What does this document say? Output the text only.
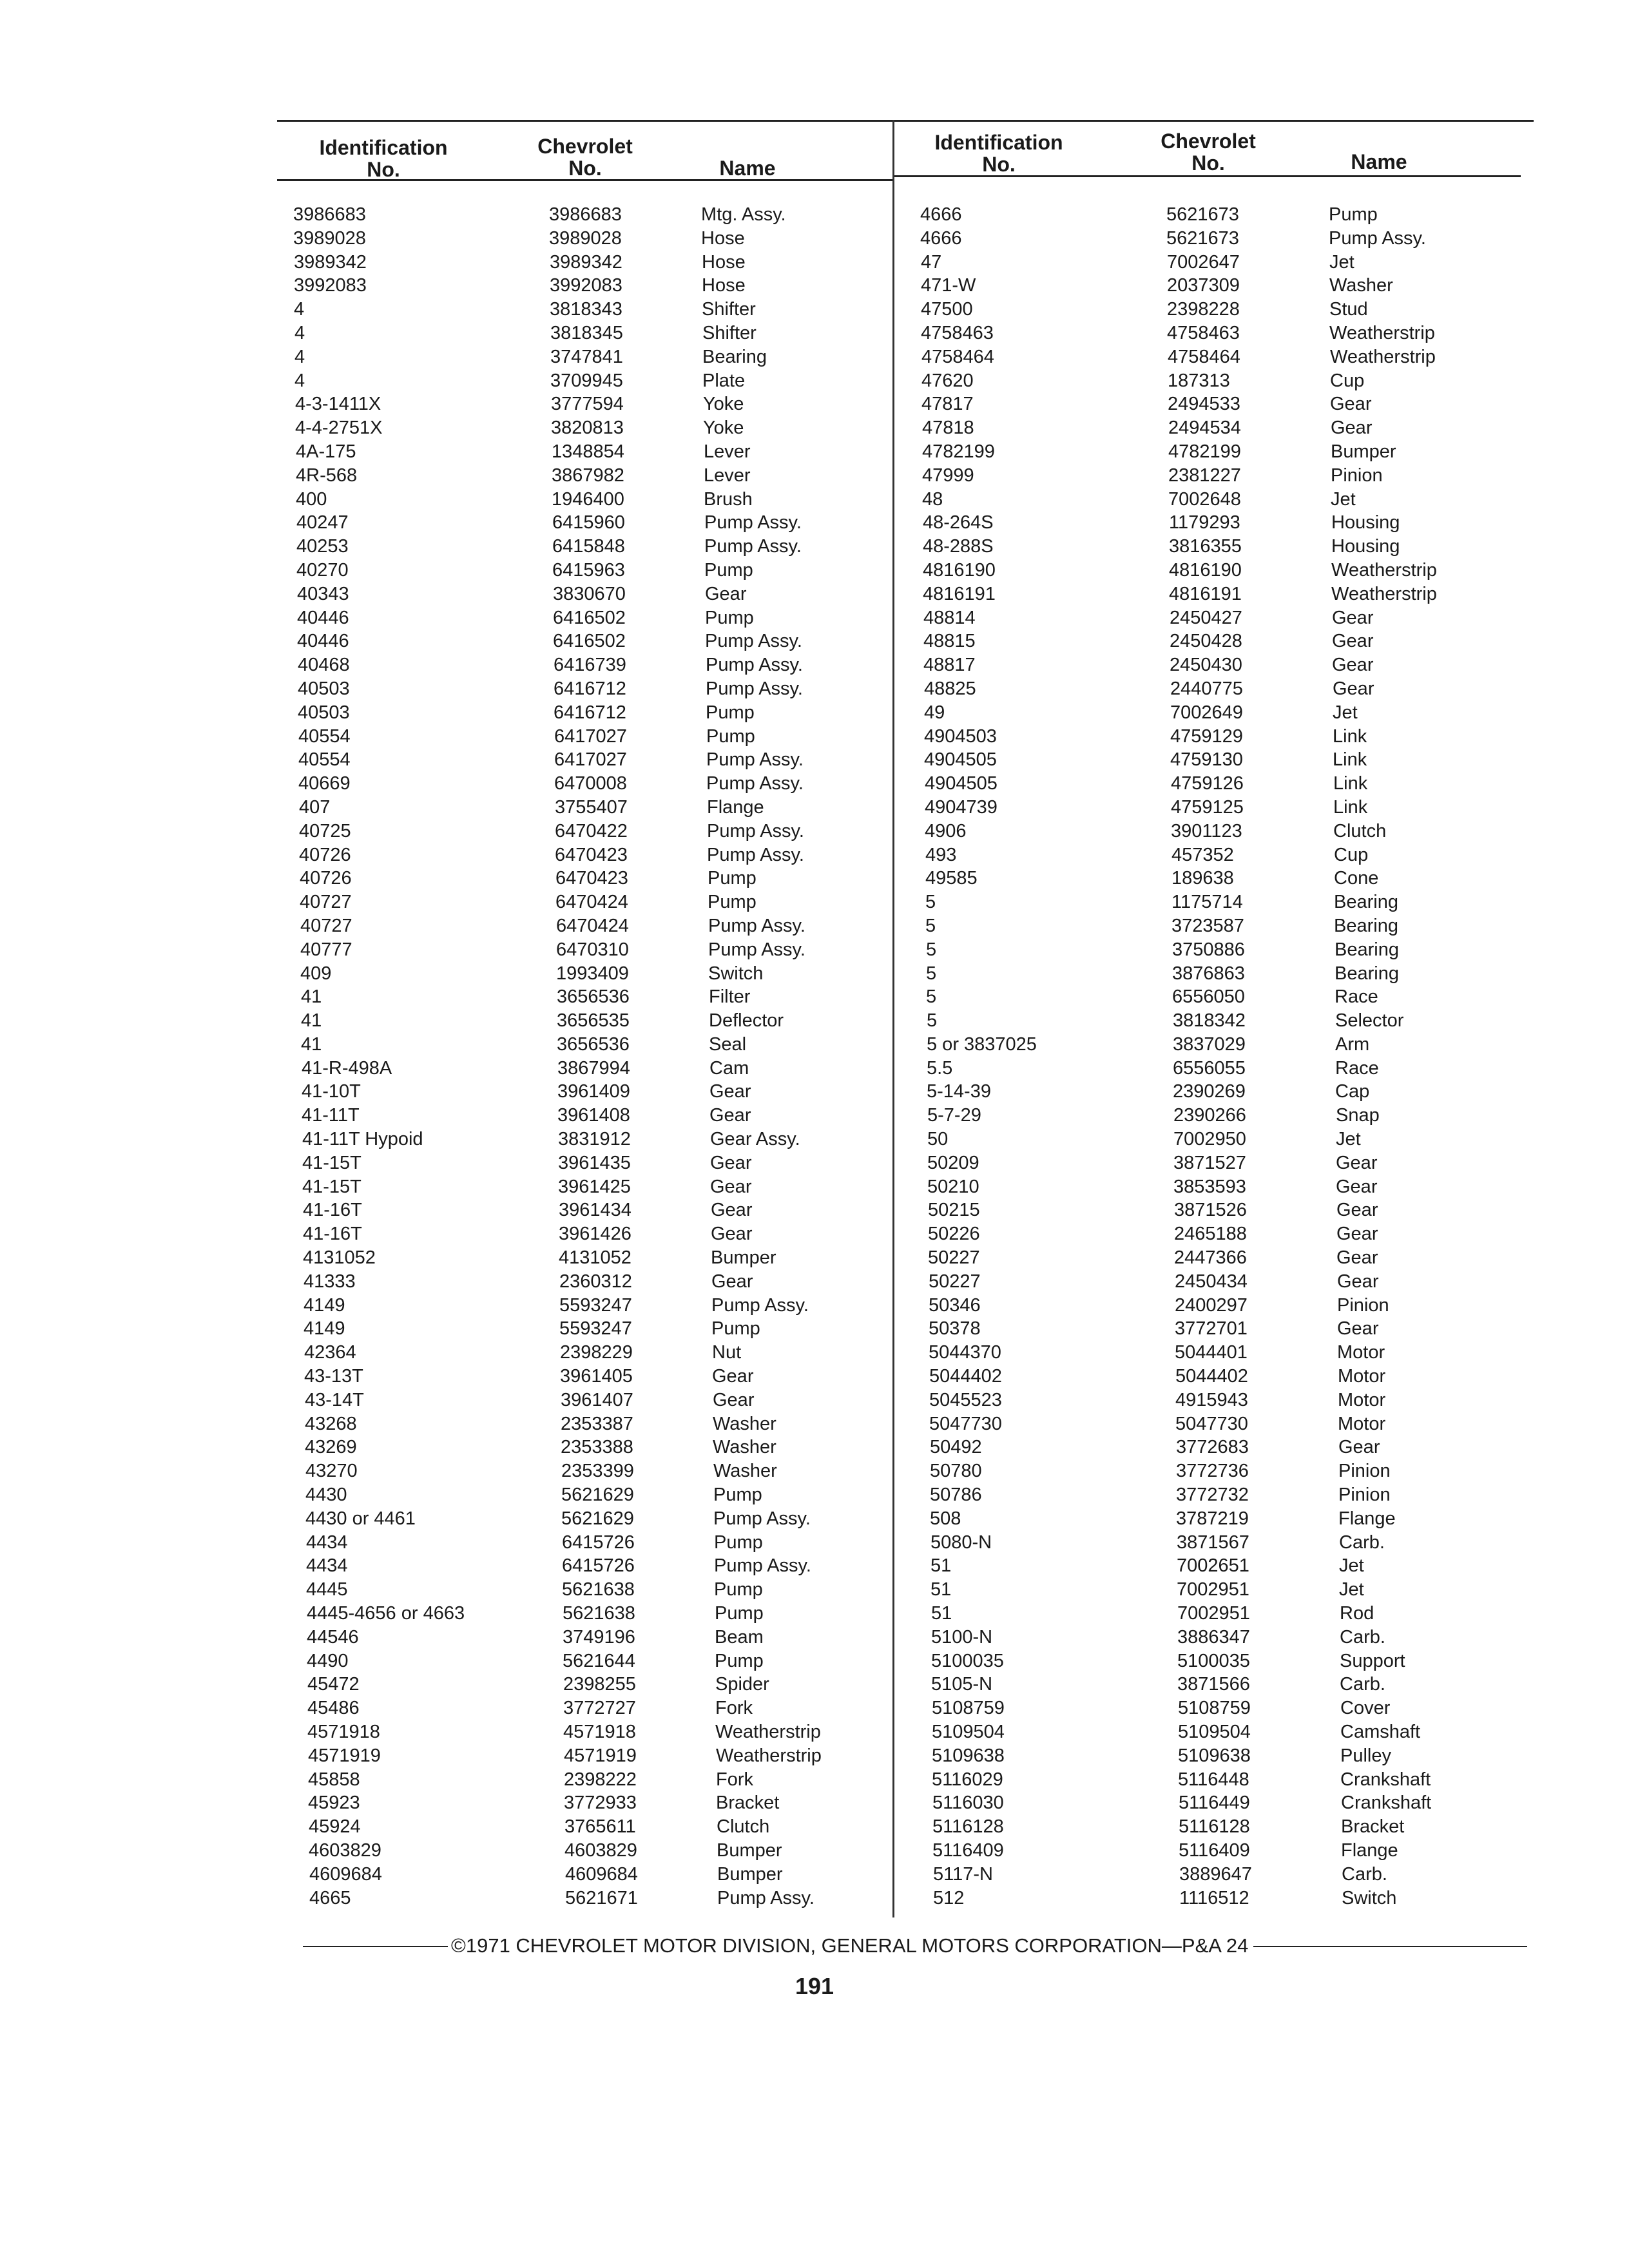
Identification
No.
Chevrolet
No.	Name
3986683	3986683	Mtg. Assy.
3989028	3989028	Hose
3989342	3989342	Hose
3992083	3992083	Hose
4	3818343	Shifter
4	3818345	Shifter
4	3747841	Bearing
4	3709945	Plate
4-3-1411X	3777594	Yoke
4-4-2751X	3820813	Yoke
4A-175	1348854	Lever
4R-568	3867982	Lever
400	1946400	Brush
40247	6415960	Pump Assy.
40253	6415848	Pump Assy.
40270	6415963	Pump
40343	3830670	Gear
40446	6416502	Pump
40446	6416502	Pump Assy.
40468	6416739	Pump Assy.
40503	6416712	Pump Assy.
40503	6416712	Pump
40554	6417027	Pump
40554	6417027	Pump Assy.
40669	6470008	Pump Assy.
407	3755407	Flange
40725	6470422	Pump Assy.
40726	6470423	Pump Assy.
40726	6470423	Pump
40727	6470424	Pump
40727	6470424	Pump Assy.
40777	6470310	Pump Assy.
409	1993409	Switch
41	3656536	Filter
41	3656535	Deflector
41	3656536	Seal
41-R-498A	3867994	Cam
41-10T	3961409	Gear
41-11T	3961408	Gear
41-11T Hypoid	3831912	Gear Assy.
41-15T	3961435	Gear
41-15T	3961425	Gear
41-16T	3961434	Gear
41-16T	3961426	Gear
4131052	4131052	Bumper
41333	2360312	Gear
4149	5593247	Pump Assy.
4149	5593247	Pump
42364	2398229	Nut
43-13T	3961405	Gear
43-14T	3961407	Gear
43268	2353387	Washer
43269	2353388	Washer
43270	2353399	Washer
4430	5621629	Pump
4430 or 4461	5621629	Pump Assy.
4434	6415726	Pump
4434	6415726	Pump Assy.
4445	5621638	Pump
4445-4656 or 4663	5621638	Pump
44546	3749196	Beam
4490	5621644	Pump
45472	2398255	Spider
45486	3772727	Fork
4571918	4571918	Weatherstrip
4571919	4571919	Weatherstrip
45858	2398222	Fork
45923	3772933	Bracket
45924	3765611	Clutch
4603829	4603829	Bumper
4609684	4609684	Bumper
4665	5621671	Pump Assy.
Identification
No.
Chevrolet
No.	Name
4666	5621673	Pump
4666	5621673	Pump Assy.
47	7002647	Jet
471-W	2037309	Washer
47500	2398228	Stud
4758463	4758463	Weatherstrip
4758464	4758464	Weatherstrip
47620	187313	Cup
47817	2494533	Gear
47818	2494534	Gear
4782199	4782199	Bumper
47999	2381227	Pinion
48	7002648	Jet
48-264S	1179293	Housing
48-288S	3816355	Housing
4816190	4816190	Weatherstrip
4816191	4816191	Weatherstrip
48814	2450427	Gear
48815	2450428	Gear
48817	2450430	Gear
48825	2440775	Gear
49	7002649	Jet
4904503	4759129	Link
4904505	4759130	Link
4904505	4759126	Link
4904739	4759125	Link
4906	3901123	Clutch
493	457352	Cup
49585	189638	Cone
5	1175714	Bearing
5	3723587	Bearing
5	3750886	Bearing
5	3876863	Bearing
5	6556050	Race
5	3818342	Selector
5 or 3837025	3837029	Arm
5.5	6556055	Race
5-14-39	2390269	Cap
5-7-29	2390266	Snap
50	7002950	Jet
50209	3871527	Gear
50210	3853593	Gear
50215	3871526	Gear
50226	2465188	Gear
50227	2447366	Gear
50227	2450434	Gear
50346	2400297	Pinion
50378	3772701	Gear
5044370	5044401	Motor
5044402	5044402	Motor
5045523	4915943	Motor
5047730	5047730	Motor
50492	3772683	Gear
50780	3772736	Pinion
50786	3772732	Pinion
508	3787219	Flange
5080-N	3871567	Carb.
51	7002651	Jet
51	7002951	Jet
51	7002951	Rod
5100-N	3886347	Carb.
5100035	5100035	Support
5105-N	3871566	Carb.
5108759	5108759	Cover
5109504	5109504	Camshaft
5109638	5109638	Pulley
5116029	5116448	Crankshaft
5116030	5116449	Crankshaft
5116128	5116128	Bracket
5116409	5116409	Flange
5117-N	3889647	Carb.
512	1116512	Switch
©1971 CHEVROLET MOTOR DIVISION, GENERAL MOTORS CORPORATION—P&A 24
191
